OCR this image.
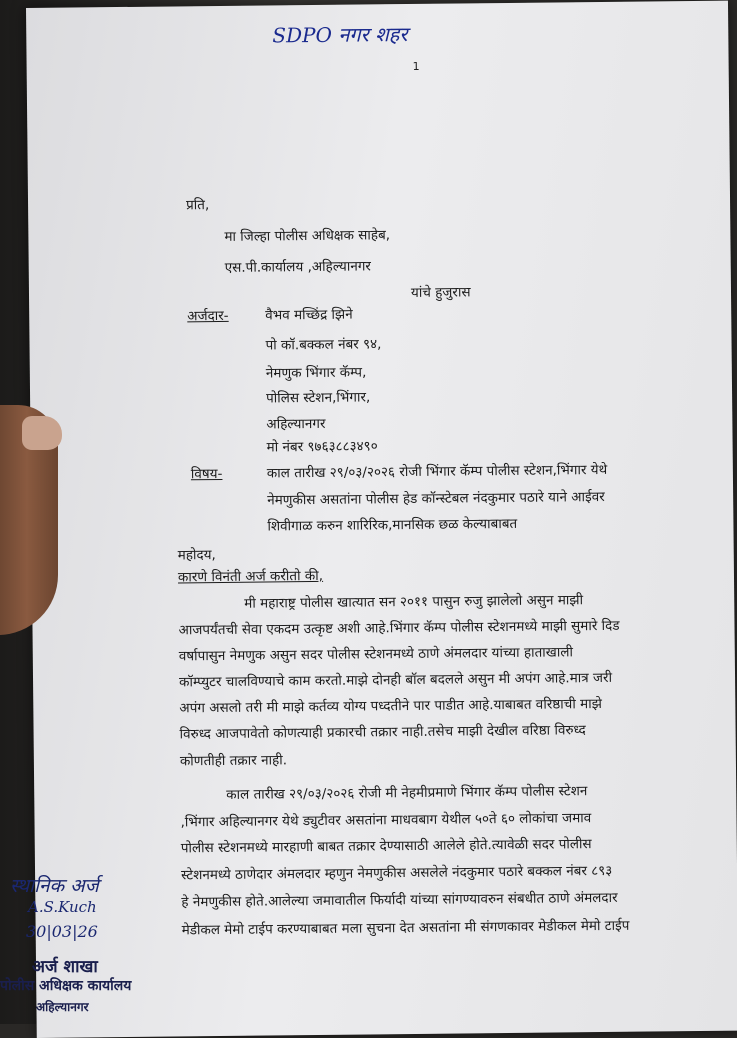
SDPO नगर शहर
1
प्रति,
मा जिल्हा पोलीस अधिक्षक साहेब,
एस.पी.कार्यालय ,अहिल्यानगर
यांचे हुजुरास
अर्जदार-	वैभव मच्छिंद्र झिने
पो कॉ.बक्कल नंबर ९४,
नेमणुक भिंगार कॅम्प,
पोलिस स्टेशन,भिंगार,
अहिल्यानगर
मो नंबर ९७६३८८३४९०
विषय-	काल तारीख २९/०३/२०२६ रोजी भिंगार कॅम्प पोलीस स्टेशन,भिंगार येथे
नेमणुकीस असतांना पोलीस हेड कॉन्स्टेबल नंदकुमार पठारे याने आईवर
शिवीगाळ करुन शारिरिक,मानसिक छळ केल्याबाबत
महोदय,
कारणे विनंती अर्ज करीतो की,
मी महाराष्ट्र पोलीस खात्यात सन २०११ पासुन रुजु झालेलो असुन माझी
आजपर्यंतची सेवा एकदम उत्कृष्ट अशी आहे.भिंगार कॅम्प पोलीस स्टेशनमध्ये माझी सुमारे दिड
वर्षापासुन नेमणुक असुन सदर पोलीस स्टेशनमध्ये ठाणे अंमलदार यांच्या हाताखाली
कॉम्प्युटर चालविण्याचे काम करतो.माझे दोनही बॉल बदलले असुन मी अपंग आहे.मात्र जरी
अपंग असलो तरी मी माझे कर्तव्य योग्य पध्दतीने पार पाडीत आहे.याबाबत वरिष्ठाची माझे
विरुध्द आजपावेतो कोणत्याही प्रकारची तक्रार नाही.तसेच माझी देखील वरिष्ठा विरुध्द
कोणतीही तक्रार नाही.
काल तारीख २९/०३/२०२६ रोजी मी नेहमीप्रमाणे भिंगार कॅम्प पोलीस स्टेशन
,भिंगार अहिल्यानगर येथे ड्युटीवर असतांना माधवबाग येथील ५०ते ६० लोकांचा जमाव
पोलीस स्टेशनमध्ये मारहाणी बाबत तक्रार देण्यासाठी आलेले होते.त्यावेळी सदर पोलीस
स्टेशनमध्ये ठाणेदार अंमलदार म्हणुन नेमणुकीस असलेले नंदकुमार पठारे बक्कल नंबर ८९३
हे नेमणुकीस होते.आलेल्या जमावातील फिर्यादी यांच्या सांगण्यावरुन संबधीत ठाणे अंमलदार
मेडीकल मेमो टाईप करण्याबाबत मला सुचना देत असतांना मी संगणकावर मेडीकल मेमो टाईप
स्थानिक अर्ज
A.S.Kuch
30|03|26
अर्ज शाखा
पोलीस अधिक्षक कार्यालय
अहिल्यानगर
